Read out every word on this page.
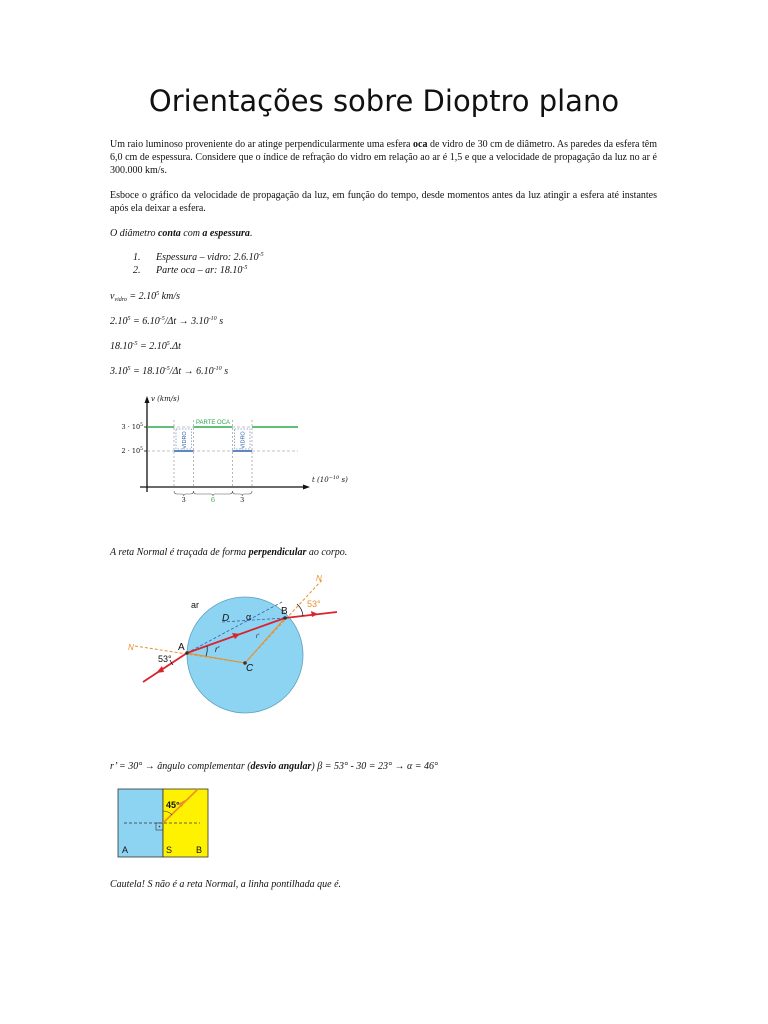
Orientações sobre Dioptro plano

Um raio luminoso proveniente do ar atinge perpendicularmente uma esfera oca de vidro de 30 cm de diâmetro. As paredes da esfera têm 6,0 cm de espessura. Considere que o índice de refração do vidro em relação ao ar é 1,5 e que a velocidade de propagação da luz no ar é 300.000 km/s.

Esboce o gráfico da velocidade de propagação da luz, em função do tempo, desde momentos antes da luz atingir a esfera até instantes após ela deixar a esfera.

O diâmetro conta com a espessura.

1. Espessura – vidro: $2.6.10^{-5}$
2. Parte oca – ar: $18.10^{-5}$

$v_{vidro} = 2.10^5$ km/s

$2.10^5 = 6.10^{-5}/\Delta t \to 3.10^{-10}$ s

$18.10^{-5} = 2.10^5.\Delta t$

$3.10^5 = 18.10^{-5}/\Delta t \to 6.10^{-10}$ s

v (km/s)
t ($10^{-10}$ s)
VIDRO
PARTE OCA
VIDRO
$3 \cdot 10^5$
$2 \cdot 10^5$
3	6	3

A reta Normal é traçada de forma perpendicular ao corpo.

ar
D α	B
53°
N
N	A
53°
r'
r'
C

r’ = 30° → ângulo complementar (desvio angular) β = 53° - 30 = 23° → α = 46°

45°
A	S	B

Cautela! S não é a reta Normal, a linha pontilhada que é.
